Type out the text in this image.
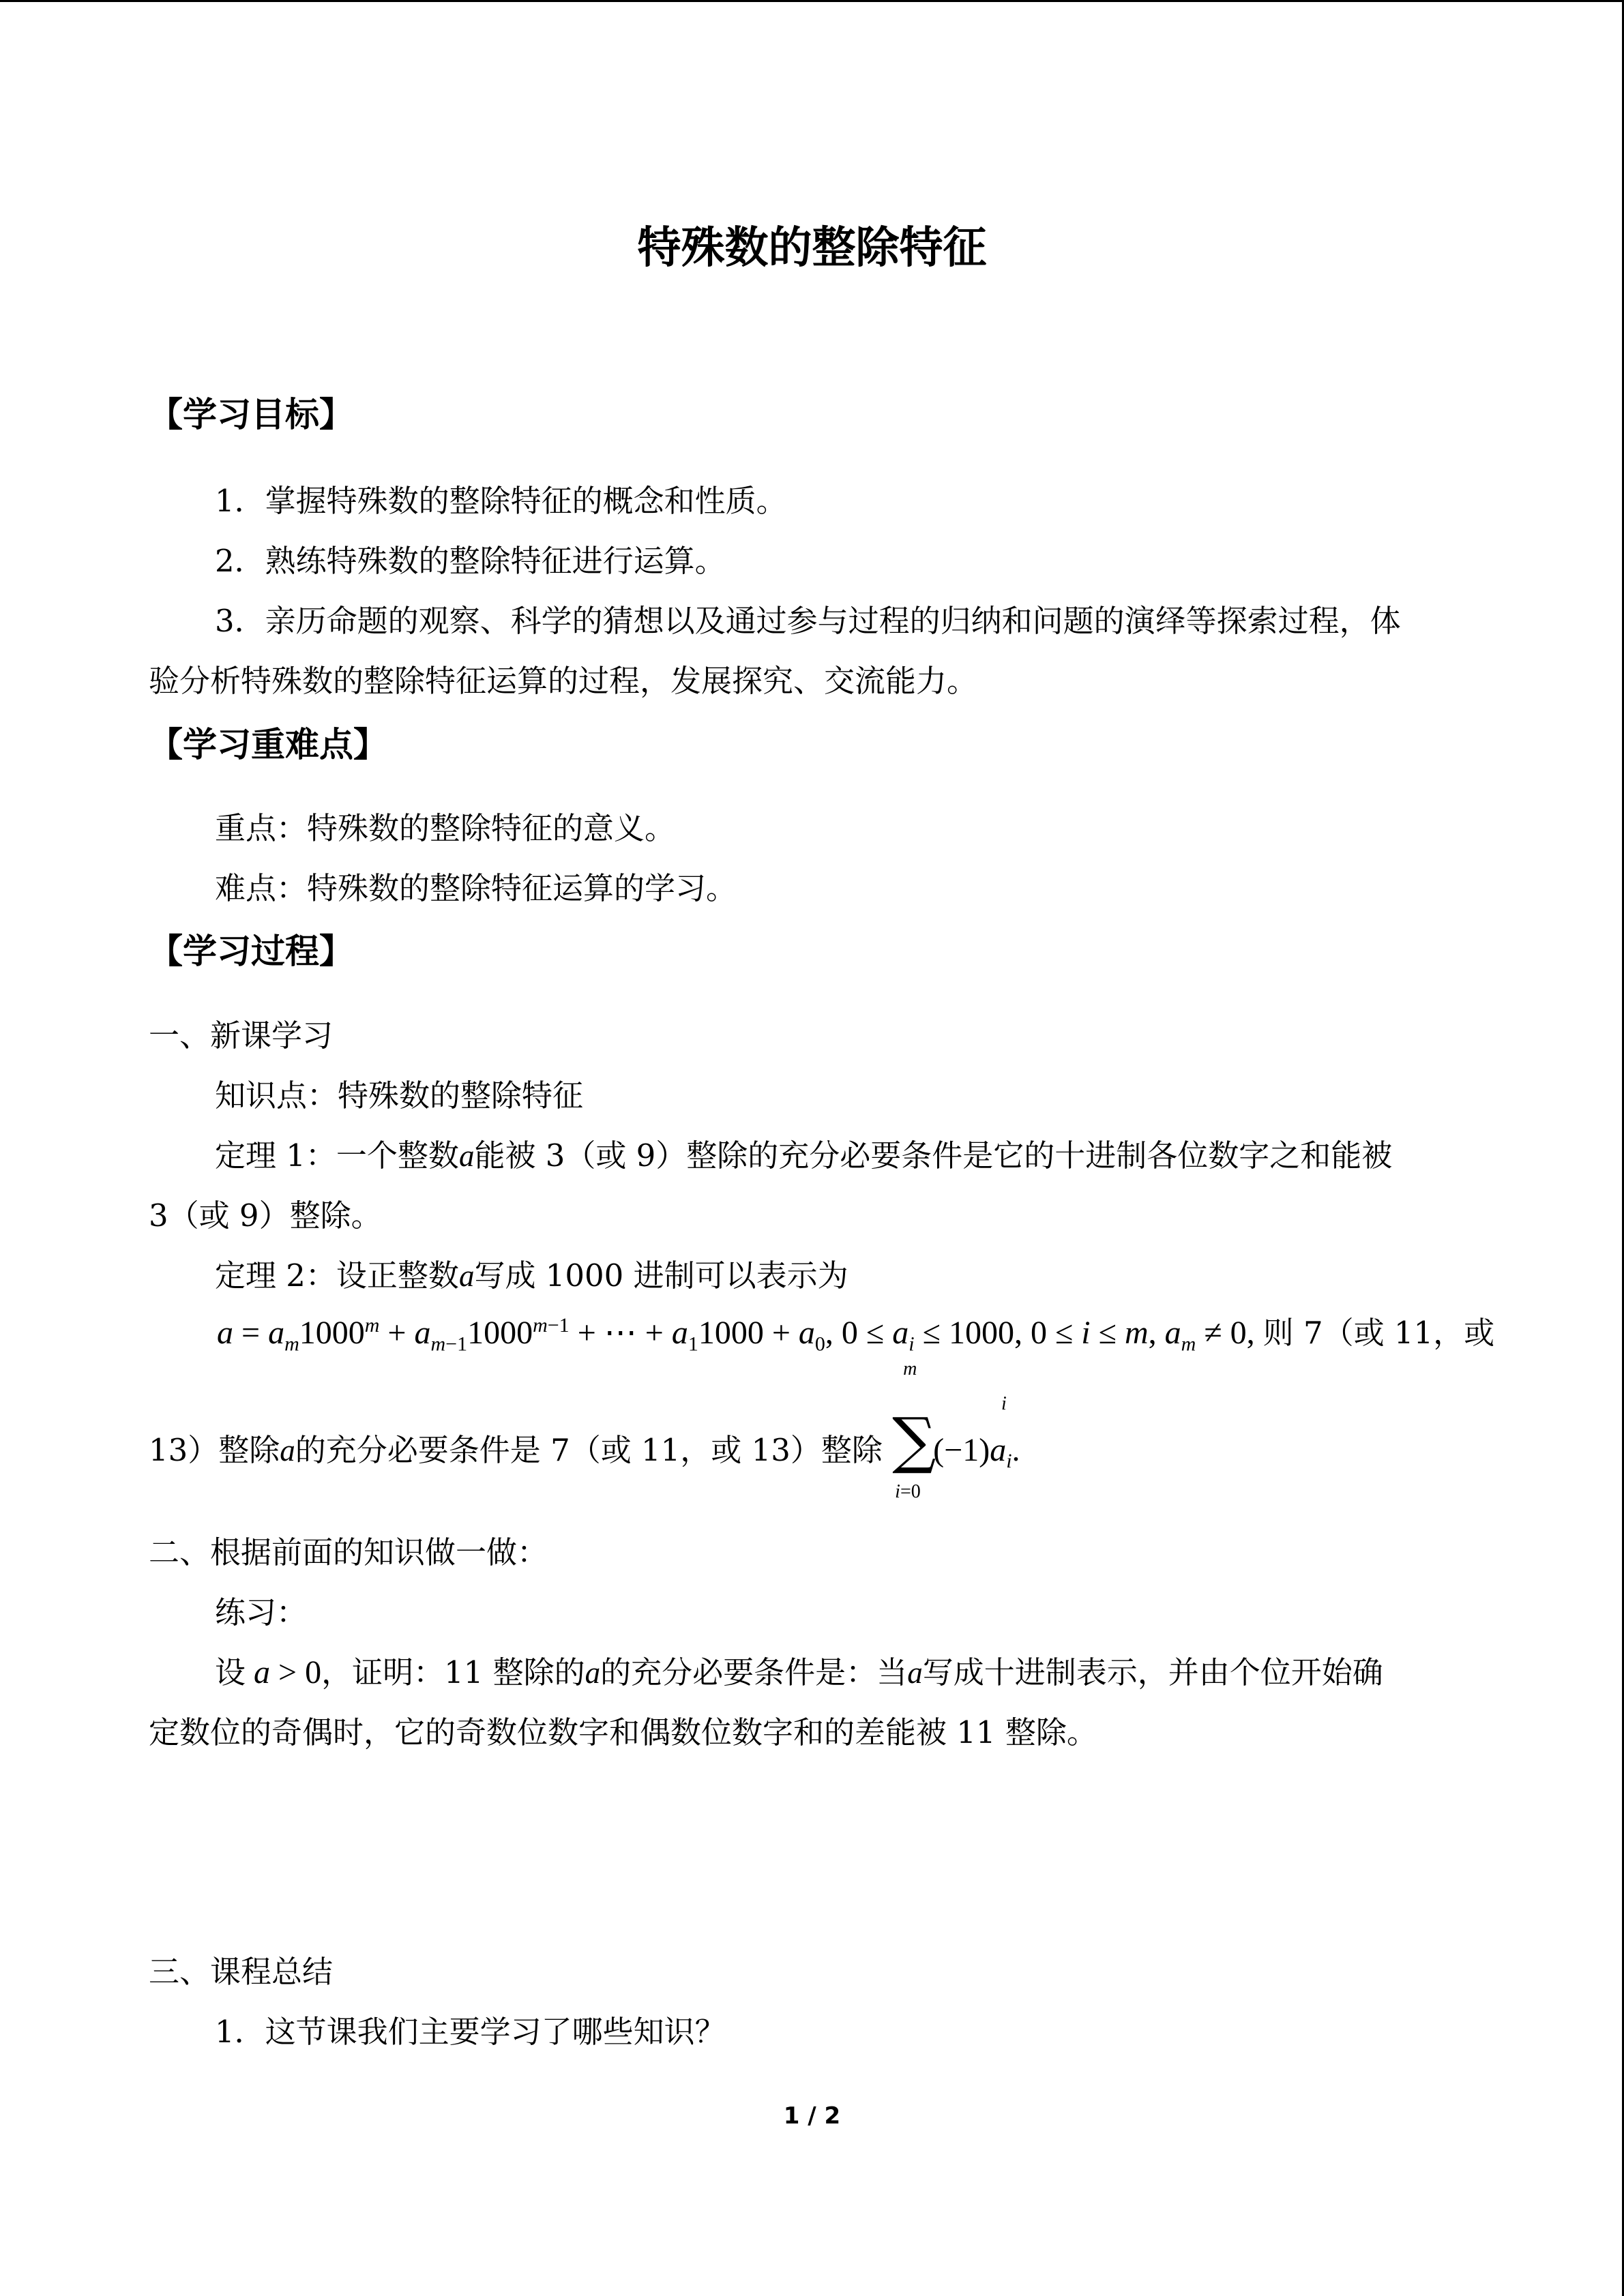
特殊数的整除特征
【学习目标】
1．掌握特殊数的整除特征的概念和性质。
2．熟练特殊数的整除特征进行运算。
3．亲历命题的观察、科学的猜想以及通过参与过程的归纳和问题的演绎等探索过程，体
验分析特殊数的整除特征运算的过程，发展探究、交流能力。
【学习重难点】
重点：特殊数的整除特征的意义。
难点：特殊数的整除特征运算的学习。
【学习过程】
一、新课学习
知识点：特殊数的整除特征
定理 1：一个整数a能被 3（或 9）整除的充分必要条件是它的十进制各位数字之和能被
3（或 9）整除。
定理 2：设正整数a写成 1000 进制可以表示为
$a = a_m1000^m + a_{m-1}1000^{m-1}$ + ⋯ + $a_11000 + a_0$, $0 \le a_i \le 1000$, 0 ≤ i ≤ m, $a_m \ne 0$, 则 7（或 11，或
13）整除a的充分必要条件是 7（或 11，或 13）整除
m
∑
i=0
$(-1)a_i$.
i
二、根据前面的知识做一做：
练习：
设 a > 0，证明：11 整除的a的充分必要条件是：当a写成十进制表示，并由个位开始确
定数位的奇偶时，它的奇数位数字和偶数位数字和的差能被 11 整除。
三、课程总结
1．这节课我们主要学习了哪些知识？
1 / 2
